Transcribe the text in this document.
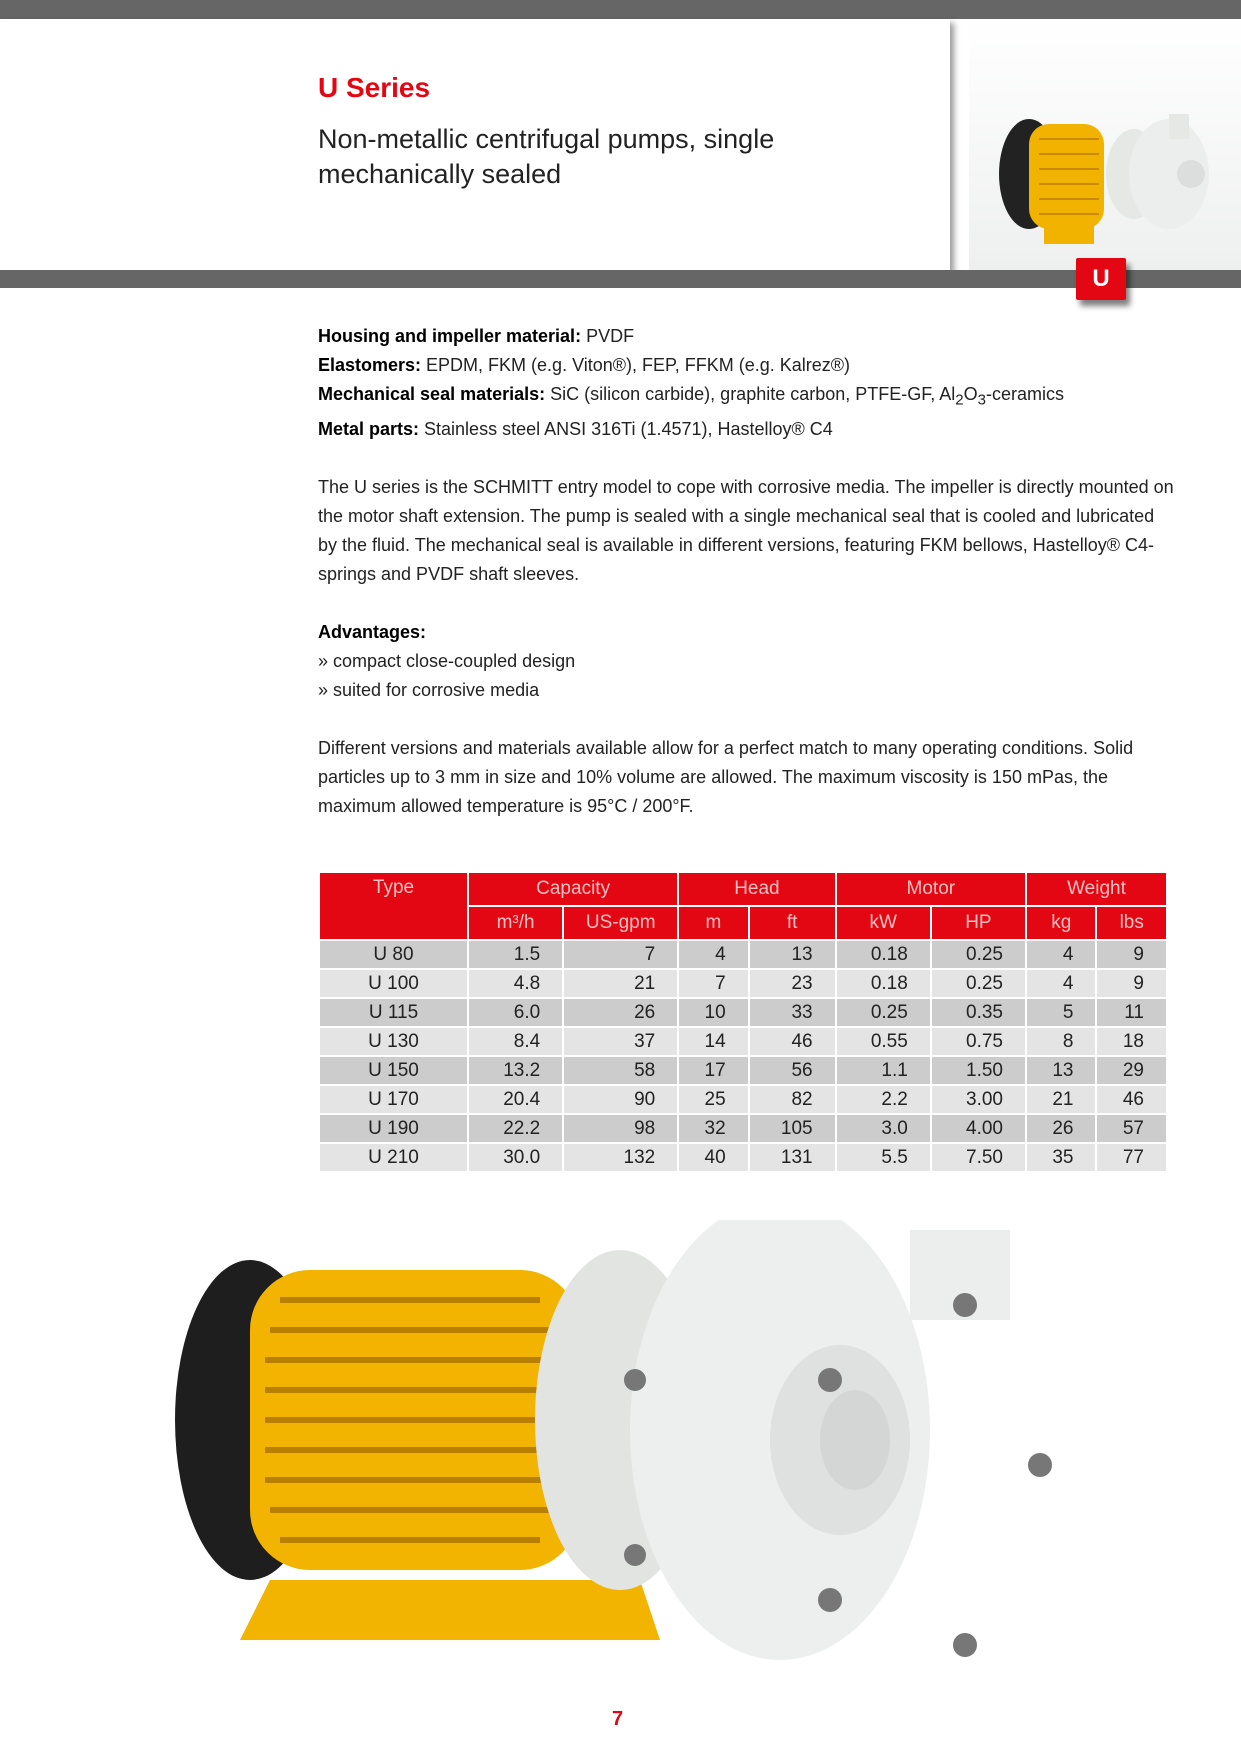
U Series
Non-metallic centrifugal pumps, single mechanically sealed
U

Housing and impeller material: PVDF
Elastomers: EPDM, FKM (e.g. Viton®), FEP, FFKM (e.g. Kalrez®)
Mechanical seal materials: SiC (silicon carbide), graphite carbon, PTFE-GF, $Al_2O_3$-ceramics
Metal parts: Stainless steel ANSI 316Ti (1.4571), Hastelloy® C4

The U series is the SCHMITT entry model to cope with corrosive media. The impeller is directly mounted on the motor shaft extension. The pump is sealed with a single mechanical seal that is cooled and lubricated by the fluid. The mechanical seal is available in different versions, featuring FKM bellows, Hastelloy® C4-springs and PVDF shaft sleeves.

Advantages:
» compact close-coupled design
» suited for corrosive media

Different versions and materials available allow for a perfect match to many operating conditions. Solid particles up to 3 mm in size and 10% volume are allowed. The maximum viscosity is 150 mPas, the maximum allowed temperature is 95°C / 200°F.

Type	Capacity		Head		Motor		Weight	
	m³/h	US-gpm	m	ft	kW	HP	kg	lbs
U 80	1.5	7	4	13	0.18	0.25	4	9
U 100	4.8	21	7	23	0.18	0.25	4	9
U 115	6.0	26	10	33	0.25	0.35	5	11
U 130	8.4	37	14	46	0.55	0.75	8	18
U 150	13.2	58	17	56	1.1	1.50	13	29
U 170	20.4	90	25	82	2.2	3.00	21	46
U 190	22.2	98	32	105	3.0	4.00	26	57
U 210	30.0	132	40	131	5.5	7.50	35	77
7
